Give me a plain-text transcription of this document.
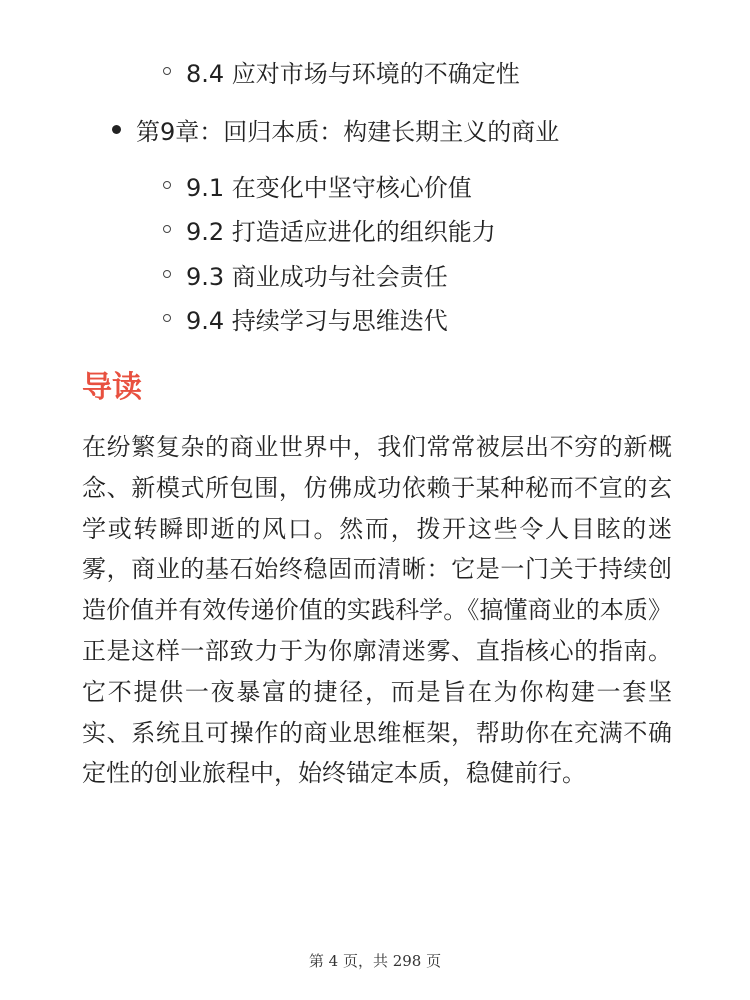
8.4 应对市场与环境的不确定性
第9章：回归本质：构建长期主义的商业
9.1 在变化中坚守核心价值
9.2 打造适应进化的组织能力
9.3 商业成功与社会责任
9.4 持续学习与思维迭代
导读

在纷繁复杂的商业世界中，我们常常被层出不穷的新概念、新模式所包围，仿佛成功依赖于某种秘而不宣的玄学或转瞬即逝的风口。然而，拨开这些令人目眩的迷雾，商业的基石始终稳固而清晰：它是一门关于持续创造价值并有效传递价值的实践科学。《搞懂商业的本质》正是这样一部致力于为你廓清迷雾、直指核心的指南。它不提供一夜暴富的捷径，而是旨在为你构建一套坚实、系统且可操作的商业思维框架，帮助你在充满不确定性的创业旅程中，始终锚定本质，稳健前行。

第 4 页，共 298 页
